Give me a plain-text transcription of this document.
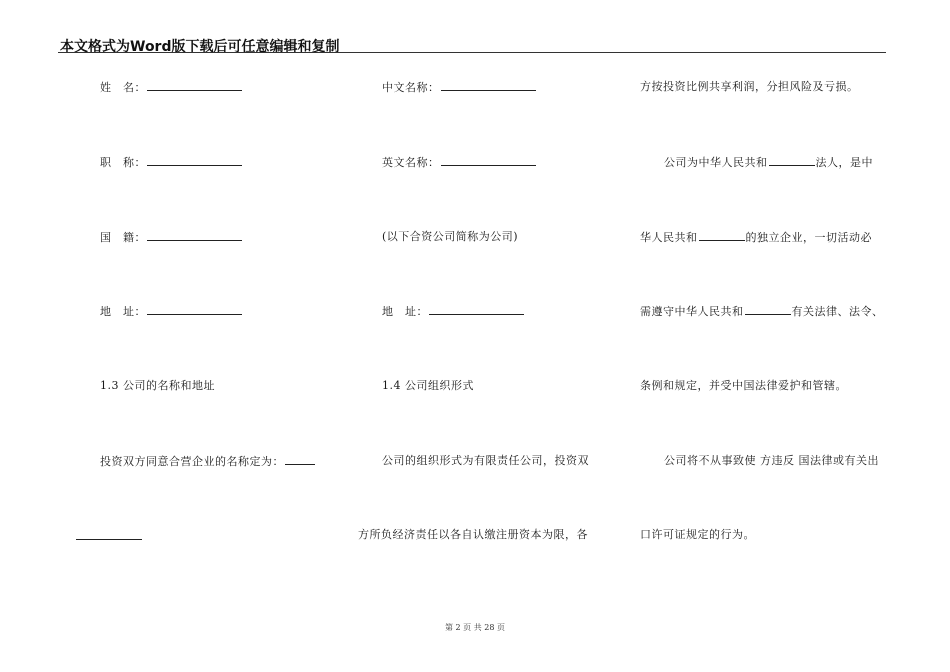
本文格式为Word版下载后可任意编辑和复制
姓　名：
职　称：
国　籍：
地　址：
1.3 公司的名称和地址
投资双方同意合营企业的名称定为：
中文名称：
英文名称：
(以下合资公司简称为公司)
地　址：
1.4 公司组织形式
公司的组织形式为有限责任公司，投资双
方所负经济责任以各自认缴注册资本为限，各
方按投资比例共享利润，分担风险及亏损。
公司为中华人民共和	法人，是中
华人民共和	的独立企业，一切活动必
需遵守中华人民共和	有关法律、法令、
条例和规定，并受中国法律爱护和管辖。
公司将不从事致使 方违反 国法律或有关出
口许可证规定的行为。
第 2 页 共 28 页
